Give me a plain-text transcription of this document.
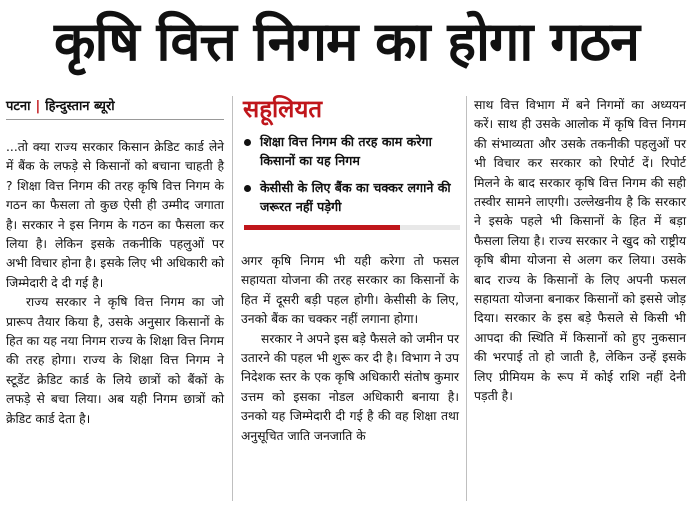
कृषि वित्त निगम का होगा गठन
पटना | हिन्दुस्तान ब्यूरो

...तो क्या राज्य सरकार किसान क्रेडिट कार्ड लेने में बैंक के लफड़े से किसानों को बचाना चाहती है ? शिक्षा वित्त निगम की तरह कृषि वित्त निगम के गठन का फैसला तो कुछ ऐसी ही उम्मीद जगाता है। सरकार ने इस निगम के गठन का फैसला कर लिया है। लेकिन इसके तकनीकि पहलुओं पर अभी विचार होना है। इसके लिए भी अधिकारी को जिम्मेदारी दे दी गई है।

राज्य सरकार ने कृषि वित्त निगम का जो प्रारूप तैयार किया है, उसके अनुसार किसानों के हित का यह नया निगम राज्य के शिक्षा वित्त निगम की तरह होगा। राज्य के शिक्षा वित्त निगम ने स्टूडेंट क्रेडिट कार्ड के लिये छात्रों को बैंकों के लफड़े से बचा लिया। अब यही निगम छात्रों को क्रेडिट कार्ड देता है।

सहूलियत
शिक्षा वित्त निगम की तरह काम करेगा किसानों का यह निगम
केसीसी के लिए बैंक का चक्कर लगाने की जरूरत नहीं पड़ेगी

अगर कृषि निगम भी यही करेगा तो फसल सहायता योजना की तरह सरकार का किसानों के हित में दूसरी बड़ी पहल होगी। केसीसी के लिए, उनको बैंक का चक्कर नहीं लगाना होगा।

सरकार ने अपने इस बड़े फैसले को जमीन पर उतारने की पहल भी शुरू कर दी है। विभाग ने उप निदेशक स्तर के एक कृषि अधिकारी संतोष कुमार उत्तम को इसका नोडल अधिकारी बनाया है। उनको यह जिम्मेदारी दी गई है की वह शिक्षा तथा अनुसूचित जाति जनजाति के

साथ वित्त विभाग में बने निगमों का अध्ययन करें। साथ ही उसके आलोक में कृषि वित्त निगम की संभाव्यता और उसके तकनीकी पहलुओं पर भी विचार कर सरकार को रिपोर्ट दें। रिपोर्ट मिलने के बाद सरकार कृषि वित्त निगम की सही तस्वीर सामने लाएगी। उल्लेखनीय है कि सरकार ने इसके पहले भी किसानों के हित में बड़ा फैसला लिया है। राज्य सरकार ने खुद को राष्ट्रीय कृषि बीमा योजना से अलग कर लिया। उसके बाद राज्य के किसानों के लिए अपनी फसल सहायता योजना बनाकर किसानों को इससे जोड़ दिया। सरकार के इस बड़े फैसले से किसी भी आपदा की स्थिति में किसानों को हुए नुकसान की भरपाई तो हो जाती है, लेकिन उन्हें इसके लिए प्रीमियम के रूप में कोई राशि नहीं देनी पड़ती है।
